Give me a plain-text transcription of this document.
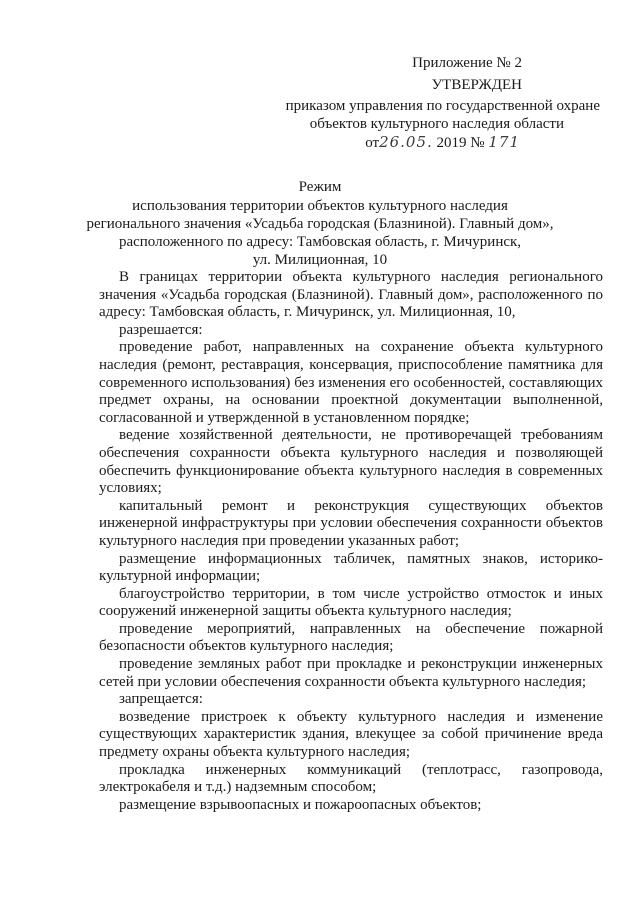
Приложение № 2
УТВЕРЖДЕН
приказом управления по государственной охране
объектов культурного наследия области
от26.05. 2019 № 171
Режим
использования территории объектов культурного наследия
регионального значения «Усадьба городская (Блазниной). Главный дом»,
расположенного по адресу: Тамбовская область, г. Мичуринск,
ул. Милиционная, 10

В границах территории объекта культурного наследия регионального значения «Усадьба городская (Блазниной). Главный дом», расположенного по адресу: Тамбовская область, г. Мичуринск, ул. Милиционная, 10,

разрешается:

проведение работ, направленных на сохранение объекта культурного наследия (ремонт, реставрация, консервация, приспособление памятника для современного использования) без изменения его особенностей, составляющих предмет охраны, на основании проектной документации выполненной, согласованной и утвержденной в установленном порядке;

ведение хозяйственной деятельности, не противоречащей требованиям обеспечения сохранности объекта культурного наследия и позволяющей обеспечить функционирование объекта культурного наследия в современных условиях;

капитальный ремонт и реконструкция существующих объектов инженерной инфраструктуры при условии обеспечения сохранности объектов культурного наследия при проведении указанных работ;

размещение информационных табличек, памятных знаков, историко-культурной информации;

благоустройство территории, в том числе устройство отмосток и иных сооружений инженерной защиты объекта культурного наследия;

проведение мероприятий, направленных на обеспечение пожарной безопасности объектов культурного наследия;

проведение земляных работ при прокладке и реконструкции инженерных сетей при условии обеспечения сохранности объекта культурного наследия;

запрещается:

возведение пристроек к объекту культурного наследия и изменение существующих характеристик здания, влекущее за собой причинение вреда предмету охраны объекта культурного наследия;

прокладка инженерных коммуникаций (теплотрасс, газопровода, электрокабеля и т.д.) надземным способом;

размещение взрывоопасных и пожароопасных объектов;
